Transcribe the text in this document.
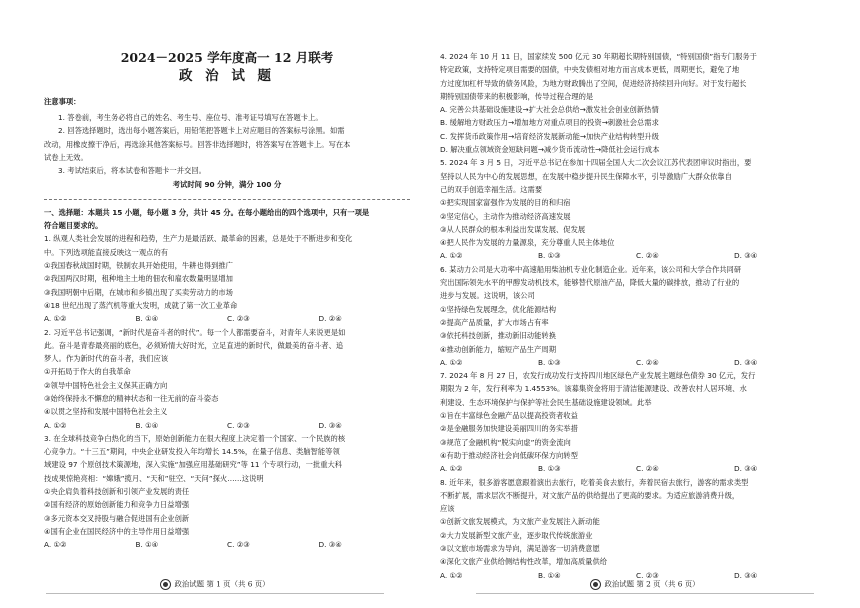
2024－2025 学年度高一 12 月联考

政 治 试 题

注意事项：

1. 答卷前，考生务必将自己的姓名、考生号、座位号、准考证号填写在答题卡上。

2. 回答选择题时，选出每小题答案后，用铅笔把答题卡上对应题目的答案标号涂黑。如需

改动，用橡皮擦干净后，再选涂其他答案标号。回答非选择题时，将答案写在答题卡上。写在本

试卷上无效。

3. 考试结束后，将本试卷和答题卡一并交回。

考试时间 90 分钟，满分 100 分

一、选择题：本题共 15 小题，每小题 3 分，共计 45 分。在每小题给出的四个选项中，只有一项是

符合题目要求的。

1. 纵观人类社会发展的进程和趋势，生产力是最活跃、最革命的因素，总是处于不断进步和变化

中。下列选项能直接反映这一观点的有

①我国春秋战国时期，铁制农具开始使用，牛耕也得到推广

②我国两汉时期，租种地主土地的佃农和雇农数量明显增加

③我国明朝中后期，在城市和乡镇出现了买卖劳动力的市场

④18 世纪出现了蒸汽机等重大发明，成就了第一次工业革命

A. ①②	B. ①④	C. ②③	D. ②④

2. 习近平总书记强调，“新时代是奋斗者的时代”。每一个人都需要奋斗，对青年人来说更是如

此。奋斗是青春最亮丽的底色，必须矫情大好时光，立足直进的新时代，做最美的奋斗者、追

梦人。作为新时代的奋斗者，我们应该

①开拓局于作大的自我革命

②领导中国特色社会主义保其正确方向

③始终保持永不懈怠的精神状态和一往无前的奋斗姿态

④以贯之坚持和发展中国特色社会主义

A. ①②	B. ①④	C. ②③	D. ③④

3. 在全球科技竞争白热化的当下，原始创新能力在很大程度上决定着一个国家、一个民族的核

心竞争力。“十三五”期间，中央企业研发投入年均增长 14.5%，在量子信息、类脑智能等领

域建设 97 个原创技术策源地，深入实施“加强应用基础研究”等 11 个专项行动，一批重大科

技成果惊艳亮相：“嫦娥”揽月、“天和”驻空、“天问”探火……这说明

①央企肩负着科技创新和引领产业发展的责任

②国有经济的原始创新能力和竞争力日益增强

③多元资本交叉持股与融合促进国有企业创新

④国有企业在国民经济中的主导作用日益增强

A. ①②	B. ①④	C. ②③	D. ③④

政治试题 第 1 页（共 6 页）

4. 2024 年 10 月 11 日，国家续发 500 亿元 30 年期超长期特别国债，“特别国债”指专门服务于

特定政策，支持特定项目需要的国债，中央发债相对地方而言成本更低，周期更长，避免了地

方过度加杠杆导致的债务风险，为地方财政腾出了空间，促进经济持续回升向好。对于发行超长

期特别国债带来的积极影响，传导过程合理的是

A. 完善公共基础设施建设→扩大社会总供给→激发社会创业创新热情

B. 缓解地方财政压力→增加地方对重点项目的投资→刺激社会总需求

C. 发挥货币政策作用→培育经济发展新动能→加快产业结构转型升级

D. 解决重点领域资金短缺问题→减少货币流动性→降低社会运行成本

5. 2024 年 3 月 5 日，习近平总书记在参加十四届全国人大二次会议江苏代表团审议时指出，要

坚持以人民为中心的发展思想，在发展中稳步提升民生保障水平，引导激励广大群众依靠自

己的双手创造幸福生活。这需要

①把实现国家富强作为发展的目的和归宿

②坚定信心，主动作为推动经济高速发展

③从人民群众的根本利益出发谋发展、促发展

④把人民作为发展的力量源泉，充分尊重人民主体地位

A. ①②	B. ①③	C. ②④	D. ③④

6. 某动力公司是大功率中高速船用柴油机专业化制造企业。近年来，该公司和大学合作共同研

究出国际领先水平的甲醇发动机技术，能够替代原油产品，降低大量的碳排放，推动了行业的

进步与发展。这说明，该公司

①坚持绿色发展理念，优化能源结构

②提高产品质量，扩大市场占有率

③依托科技创新，推动新旧动能转换

④推动创新能力，缩短产品生产周期

A. ①②	B. ①③	C. ②④	D. ③④

7. 2024 年 8 月 27 日，农发行成功发行支持四川地区绿色产业发展主题绿色债券 30 亿元，发行

期限为 2 年，发行利率为 1.4553%。该募集资金将用于清洁能源建设、改善农村人居环境、水

利建设、生态环境保护与保护等社会民生基础设施建设领域。此举

①旨在丰富绿色金融产品以提高投资者收益

②是金融服务加快建设美丽四川的务实举措

③规范了金融机构“脱实向虚”的资金流向

④有助于推动经济社会向低碳环保方向转型

A. ①②	B. ①③	C. ②④	D. ③④

8. 近年来，很多游客愿意跟着演出去旅行，吃着美食去旅行，奔着民宿去旅行，游客的需求类型

不断扩展，需求层次不断提升，对文旅产品的供给提出了更高的要求。为适应旅游消费升级，

应该

①创新文旅发展模式，为文旅产业发展注入新动能

②大力发展新型文旅产业，逐步取代传统旅游业

③以文旅市场需求为导向，满足游客一切消费意愿

④深化文旅产业供给侧结构性改革，增加高质量供给

A. ①②	B. ①④	C. ②③	D. ③④

政治试题 第 2 页（共 6 页）
